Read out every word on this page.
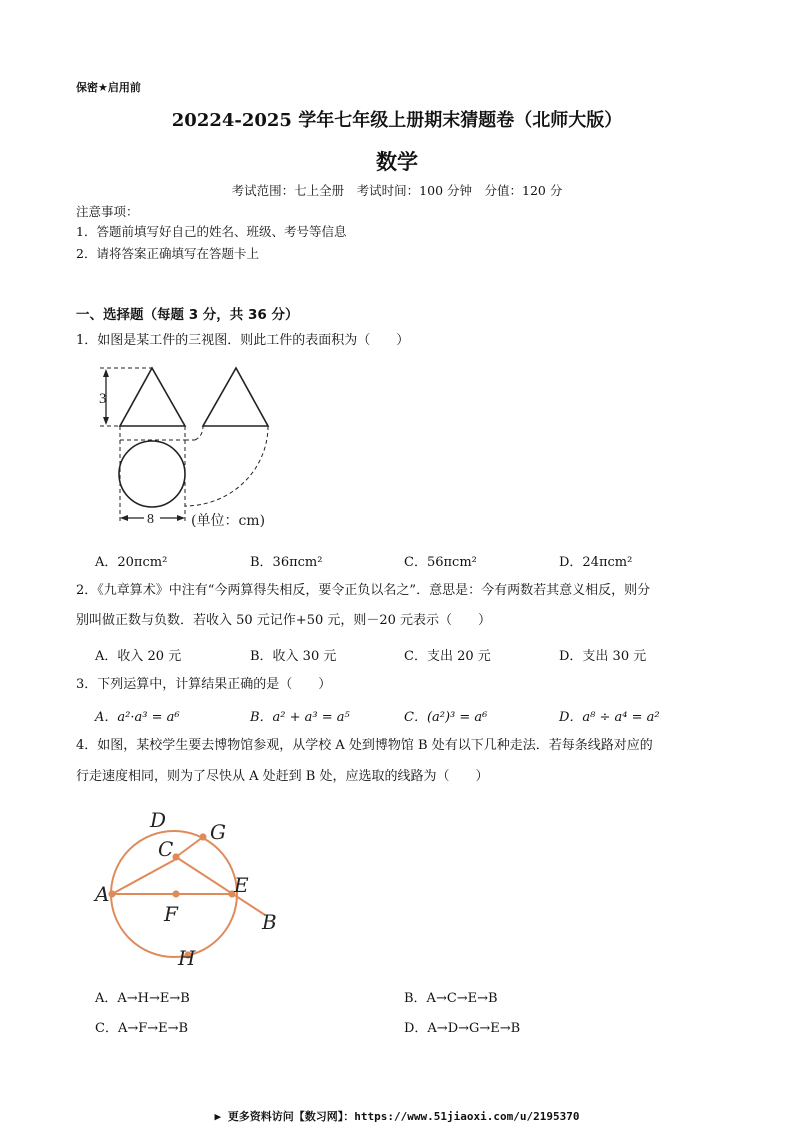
保密★启用前
20224-2025 学年七年级上册期末猜题卷（北师大版）
数学
考试范围：七上全册　考试时间：100 分钟　分值：120 分
注意事项：
1．答题前填写好自己的姓名、班级、考号等信息
2．请将答案正确填写在答题卡上
一、选择题（每题 3 分，共 36 分）
1．如图是某工件的三视图．则此工件的表面积为（　　）
3
8	(单位：cm)
A．20πcm²	B．36πcm²	C．56πcm²	D．24πcm²
2．《九章算术》中注有“今两算得失相反，要令正负以名之”．意思是：今有两数若其意义相反，则分
别叫做正数与负数．若收入 50 元记作+50 元，则－20 元表示（　　）
A．收入 20 元	B．收入 30 元	C．支出 20 元	D．支出 30 元
3．下列运算中，计算结果正确的是（　　）
A．a²·a³ = a⁶	B．a² + a³ = a⁵	C．(a²)³ = a⁶	D．a⁸ ÷ a⁴ = a²
4．如图，某校学生要去博物馆参观，从学校 A 处到博物馆 B 处有以下几种走法．若每条线路对应的
行走速度相同，则为了尽快从 A 处赶到 B 处，应选取的线路为（　　）
D G
C
A	E
F	B
H
A．A→H→E→B	B．A→C→E→B
C．A→F→E→B	D．A→D→G→E→B
▶ 更多资料访问【数习网】：https://www.51jiaoxi.com/u/2195370
